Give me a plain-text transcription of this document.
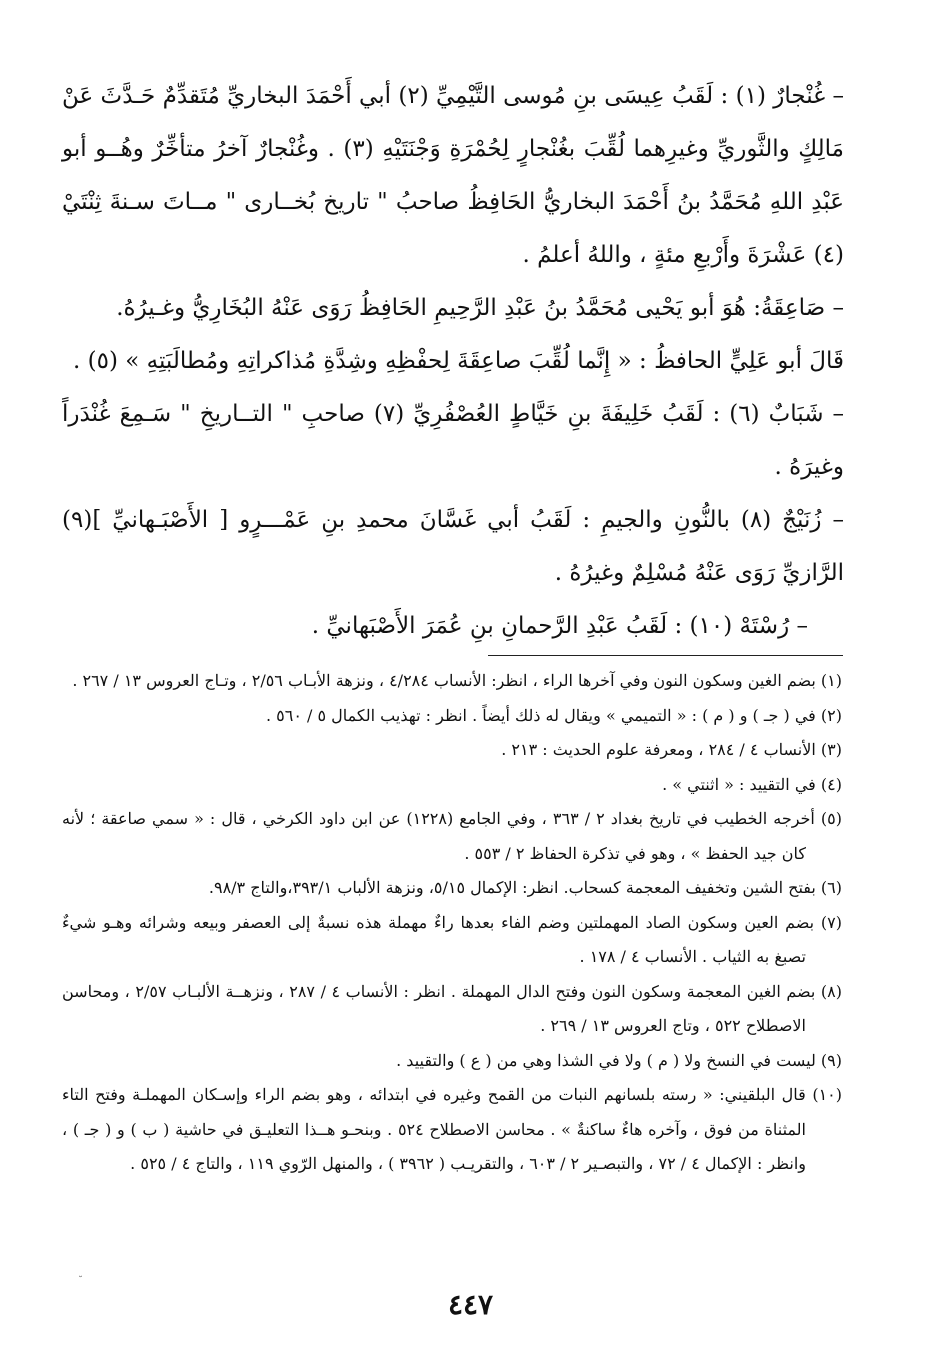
– غُنْجارٌ (١) : لَقَبُ عِيسَى بنِ مُوسى التَّيْمِيِّ (٢) أبي أَحْمَدَ البخاريِّ مُتَقدِّمٌ حَـدَّثَ عَنْ مَالِكٍ والثَّوريِّ وغيرِهما لُقِّبَ بغُنْجارٍ لِحُمْرَةِ وَجْنَتَيْهِ (٣) . وغُنْجارٌ آخرُ متأخِّرٌ وهُــو أبو عَبْدِ اللهِ مُحَمَّدُ بنُ أَحْمَدَ البخاريُّ الحَافِظُ صاحبُ " تاريخ بُخــارى " مــاتَ سـنةَ ثِنْتَيْ (٤) عَشْرَةَ وأَرْبعِ مئةٍ ، واللهُ أعلمُ .

– صَاعِقَةُ: هُوَ أبو يَحْيى مُحَمَّدُ بنُ عَبْدِ الرَّحِيمِ الحَافِظُ رَوَى عَنْهُ البُخَارِيُّ وغـيرُهُ.

قَالَ أبو عَلِيٍّ الحافظُ : « إِنَّما لُقِّبَ صاعِقَةَ لِحفْظِهِ وشِدَّةِ مُذاكراتِهِ ومُطالَبَتِهِ » (٥) .

– شَبَابٌ (٦) : لَقَبُ خَلِيفَةَ بنِ خَيَّاطٍ العُصْفُرِيِّ (٧) صاحبِ " التــاريخِ " سَـمِعَ غُنْدَراً وغيرَهُ .

– زُنَيْجٌ (٨) بالنُّونِ والجيمِ : لَقَبُ أبي غَسَّانَ محمدِ بنِ عَمْـــرٍو [ الأَصْبَـهانيِّ ](٩) الرَّازيِّ رَوَى عَنْهُ مُسْلِمٌ وغيرُهُ .

– رُسْتَهْ (١٠) : لَقَبُ عَبْدِ الرَّحمانِ بنِ عُمَرَ الأَصْبَهانيِّ .

(١) بضم الغين وسكون النون وفي آخرها الراء ، انظر: الأنساب ٤/٢٨٤ ، ونزهة الأبـاب ٢/٥٦ ، وتـاج العروس ١٣ / ٢٦٧ .

(٢) في ( جـ ) و ( م ) : « التميمي » ويقال له ذلك أيضاً . انظر : تهذيب الكمال ٥ / ٥٦٠ .

(٣) الأنساب ٤ / ٢٨٤ ، ومعرفة علوم الحديث : ٢١٣ .

(٤) في التقييد : « اثنتي » .

(٥) أخرجه الخطيب في تاريخ بغداد ٢ / ٣٦٣ ، وفي الجامع (١٢٢٨) عن ابن داود الكرخي ، قال : « سمي صاعقة ؛ لأنه كان جيد الحفظ » ، وهو في تذكرة الحفاظ ٢ / ٥٥٣ .

(٦) بفتح الشين وتخفيف المعجمة كسحاب. انظر: الإكمال ٥/١٥، ونزهة الألباب ٣٩٣/١،والتاج ٩٨/٣.

(٧) بضم العين وسكون الصاد المهملتين وضم الفاء بعدها راءٌ مهملة هذه نسبةٌ إلى العصفر وبيعه وشرائه وهـو شيءٌ تصبغ به الثياب . الأنساب ٤ / ١٧٨ .

(٨) بضم الغين المعجمة وسكون النون وفتح الدال المهملة . انظر : الأنساب ٤ / ٢٨٧ ، ونزهــة الألبـاب ٢/٥٧ ، ومحاسن الاصطلاح ٥٢٢ ، وتاج العروس ١٣ / ٢٦٩ .

(٩) ليست في النسخ ولا ( م ) ولا في الشذا وهي من ( ع ) والتقييد .

(١٠) قال البلقيني: « رسته بلسانهم النبات من القمح وغيره في ابتدائه ، وهو بضم الراء وإسـكان المهملـة وفتح التاء المثناة من فوق ، وآخره هاءٌ ساكنةٌ » . محاسن الاصطلاح ٥٢٤ . وبنحـو هــذا التعليـق في حاشية ( ب ) و ( جـ ) ، وانظر : الإكمال ٤ / ٧٢ ، والتبصـير ٢ / ٦٠٣ ، والتقريـب ( ٣٩٦٢ ) ، والمنهل الرّوي ١١٩ ، والتاج ٤ / ٥٢٥ .

˘
٤٤٧
